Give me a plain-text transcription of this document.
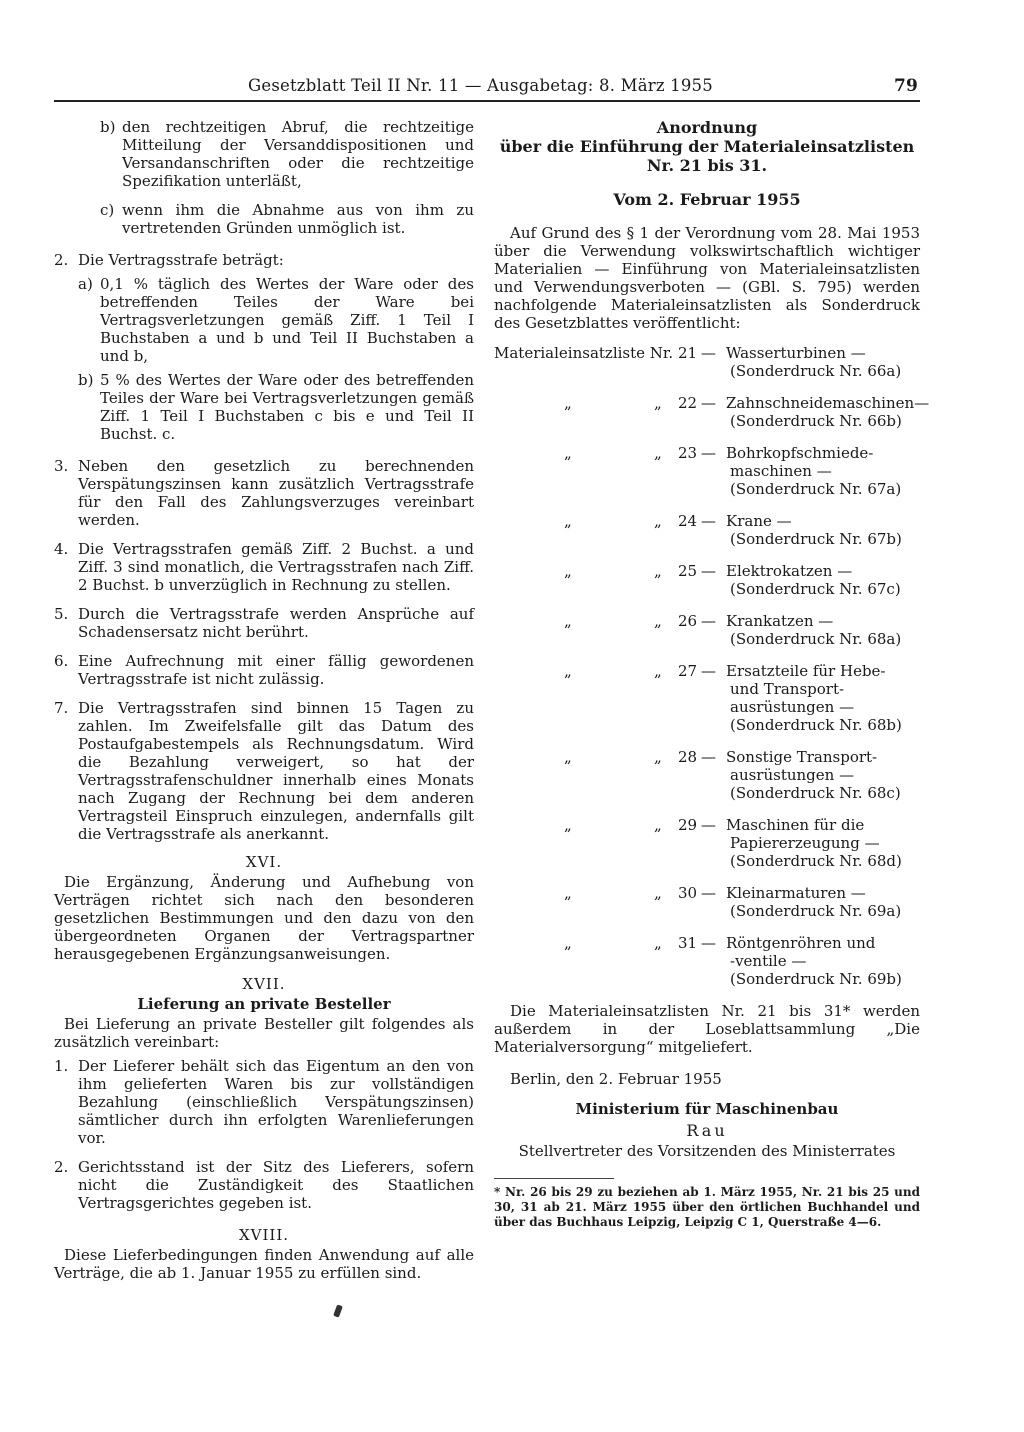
Gesetzblatt Teil II Nr. 11 — Ausgabetag: 8. März 1955	79
b) den rechtzeitigen Abruf, die rechtzeitige Mitteilung der Versanddispositionen und Versandanschriften oder die rechtzeitige Spezifikation unterläßt,
c) wenn ihm die Abnahme aus von ihm zu vertretenden Gründen unmöglich ist.
2. Die Vertragsstrafe beträgt:
a) 0,1 % täglich des Wertes der Ware oder des betreffenden Teiles der Ware bei Vertragsverletzungen gemäß Ziff. 1 Teil I Buchstaben a und b und Teil II Buchstaben a und b,
b) 5 % des Wertes der Ware oder des betreffenden Teiles der Ware bei Vertragsverletzungen gemäß Ziff. 1 Teil I Buchstaben c bis e und Teil II Buchst. c.
3. Neben den gesetzlich zu berechnenden Verspätungszinsen kann zusätzlich Vertragsstrafe für den Fall des Zahlungsverzuges vereinbart werden.
4. Die Vertragsstrafen gemäß Ziff. 2 Buchst. a und Ziff. 3 sind monatlich, die Vertragsstrafen nach Ziff. 2 Buchst. b unverzüglich in Rechnung zu stellen.
5. Durch die Vertragsstrafe werden Ansprüche auf Schadensersatz nicht berührt.
6. Eine Aufrechnung mit einer fällig gewordenen Vertragsstrafe ist nicht zulässig.
7. Die Vertragsstrafen sind binnen 15 Tagen zu zahlen. Im Zweifelsfalle gilt das Datum des Postaufgabestempels als Rechnungsdatum. Wird die Bezahlung verweigert, so hat der Vertragsstrafenschuldner innerhalb eines Monats nach Zugang der Rechnung bei dem anderen Vertragsteil Einspruch einzulegen, andernfalls gilt die Vertragsstrafe als anerkannt.
XVI.

Die Ergänzung, Änderung und Aufhebung von Verträgen richtet sich nach den besonderen gesetzlichen Bestimmungen und den dazu von den übergeordneten Organen der Vertragspartner herausgegebenen Ergänzungsanweisungen.

XVII.
Lieferung an private Besteller

Bei Lieferung an private Besteller gilt folgendes als zusätzlich vereinbart:

1. Der Lieferer behält sich das Eigentum an den von ihm gelieferten Waren bis zur vollständigen Bezahlung (einschließlich Verspätungszinsen) sämtlicher durch ihn erfolgten Warenlieferungen vor.
2. Gerichtsstand ist der Sitz des Lieferers, sofern nicht die Zuständigkeit des Staatlichen Vertragsgerichtes gegeben ist.
XVIII.

Diese Lieferbedingungen finden Anwendung auf alle Verträge, die ab 1. Januar 1955 zu erfüllen sind.

Anordnung
über die Einführung der Materialeinsatzlisten
Nr. 21 bis 31.
Vom 2. Februar 1955

Auf Grund des § 1 der Verordnung vom 28. Mai 1953 über die Verwendung volkswirtschaftlich wichtiger Materialien — Einführung von Materialeinsatzlisten und Verwendungsverboten — (GBl. S. 795) werden nachfolgende Materialeinsatzlisten als Sonderdruck des Gesetzblattes veröffentlicht:

Materialeinsatzliste Nr. 21 — Wasserturbinen —
(Sonderdruck Nr. 66a)
„	„ 22 — Zahnschneidemaschinen—
(Sonderdruck Nr. 66b)
„	„ 23 — Bohrkopfschmiede-
maschinen —
(Sonderdruck Nr. 67a)
„	„ 24 — Krane —
(Sonderdruck Nr. 67b)
„	„ 25 — Elektrokatzen —
(Sonderdruck Nr. 67c)
„	„ 26 — Krankatzen —
(Sonderdruck Nr. 68a)
„	„ 27 — Ersatzteile für Hebe-
und Transport-
ausrüstungen —
(Sonderdruck Nr. 68b)
„	„ 28 — Sonstige Transport-
ausrüstungen —
(Sonderdruck Nr. 68c)
„	„ 29 — Maschinen für die
Papiererzeugung —
(Sonderdruck Nr. 68d)
„	„ 30 — Kleinarmaturen —
(Sonderdruck Nr. 69a)
„	„ 31 — Röntgenröhren und
-ventile —
(Sonderdruck Nr. 69b)

Die Materialeinsatzlisten Nr. 21 bis 31* werden außerdem in der Loseblattsammlung „Die Materialversorgung“ mitgeliefert.

Berlin, den 2. Februar 1955

Ministerium für Maschinenbau
Rau
Stellvertreter des Vorsitzenden des Ministerrates
* Nr. 26 bis 29 zu beziehen ab 1. März 1955, Nr. 21 bis 25 und 30, 31 ab 21. März 1955 über den örtlichen Buchhandel und über das Buchhaus Leipzig, Leipzig C 1, Querstraße 4—6.
